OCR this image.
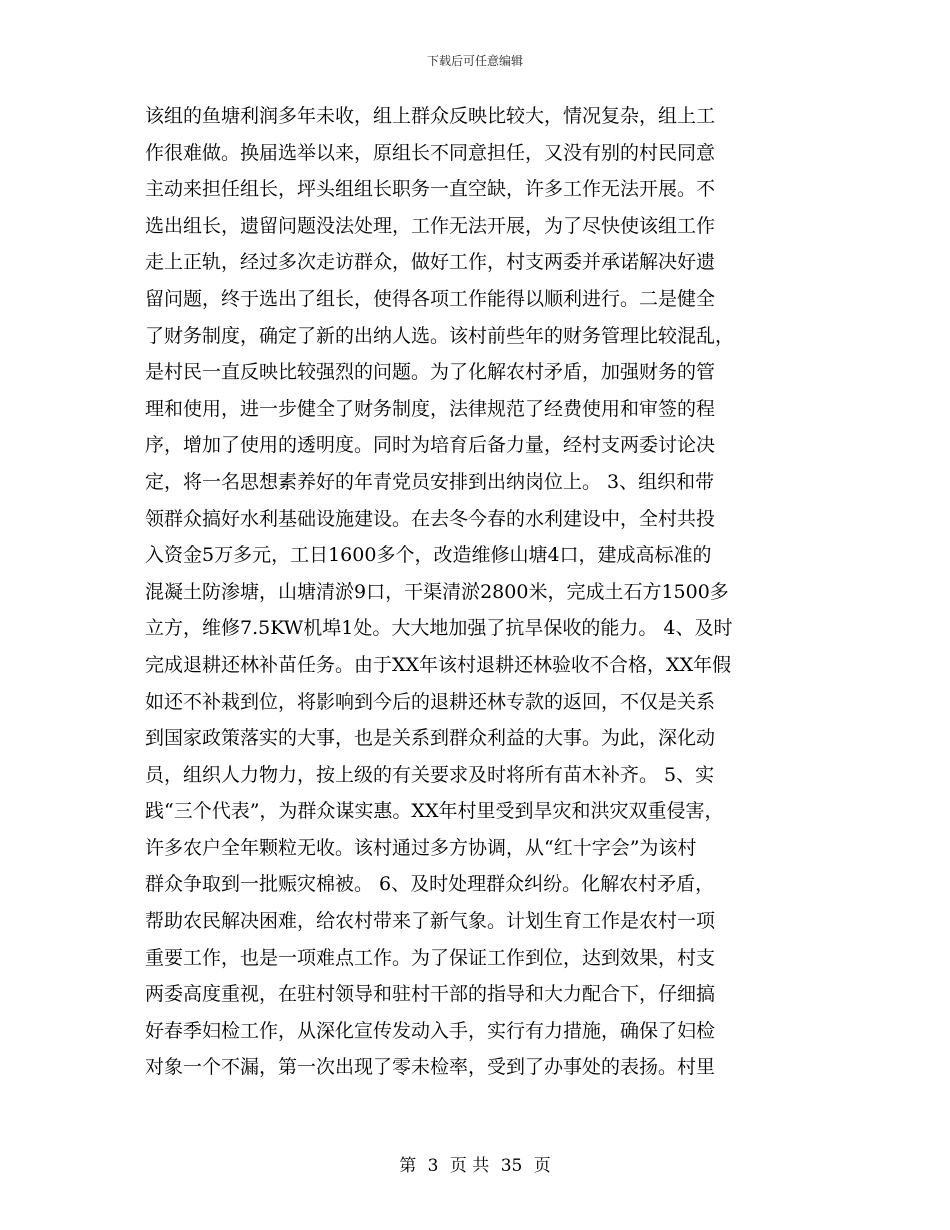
下载后可任意编辑
该组的鱼塘利润多年未收，组上群众反映比较大，情况复杂，组上工
作很难做。换届选举以来，原组长不同意担任，又没有别的村民同意
主动来担任组长，坪头组组长职务一直空缺，许多工作无法开展。不
选出组长，遗留问题没法处理，工作无法开展，为了尽快使该组工作
走上正轨，经过多次走访群众，做好工作，村支两委并承诺解决好遗
留问题，终于选出了组长，使得各项工作能得以顺利进行。二是健全
了财务制度，确定了新的出纳人选。该村前些年的财务管理比较混乱，
是村民一直反映比较强烈的问题。为了化解农村矛盾，加强财务的管
理和使用，进一步健全了财务制度，法律规范了经费使用和审签的程
序，增加了使用的透明度。同时为培育后备力量，经村支两委讨论决
定，将一名思想素养好的年青党员安排到出纳岗位上。 3、组织和带
领群众搞好水利基础设施建设。在去冬今春的水利建设中，全村共投
入资金5万多元，工日1600多个，改造维修山塘4口，建成高标准的
混凝土防渗塘，山塘清淤9口，干渠清淤2800米，完成土石方1500多
立方，维修7.5KW机埠1处。大大地加强了抗旱保收的能力。 4、及时
完成退耕还林补苗任务。由于XX年该村退耕还林验收不合格，XX年假
如还不补栽到位，将影响到今后的退耕还林专款的返回，不仅是关系
到国家政策落实的大事，也是关系到群众利益的大事。为此，深化动
员，组织人力物力，按上级的有关要求及时将所有苗木补齐。 5、实
践“三个代表”，为群众谋实惠。XX年村里受到旱灾和洪灾双重侵害，
许多农户全年颗粒无收。该村通过多方协调，从“红十字会”为该村
群众争取到一批赈灾棉被。 6、及时处理群众纠纷。化解农村矛盾，
帮助农民解决困难，给农村带来了新气象。计划生育工作是农村一项
重要工作，也是一项难点工作。为了保证工作到位，达到效果，村支
两委高度重视，在驻村领导和驻村干部的指导和大力配合下，仔细搞
好春季妇检工作，从深化宣传发动入手，实行有力措施，确保了妇检
对象一个不漏，第一次出现了零未检率，受到了办事处的表扬。村里
第 3 页 共 35 页
